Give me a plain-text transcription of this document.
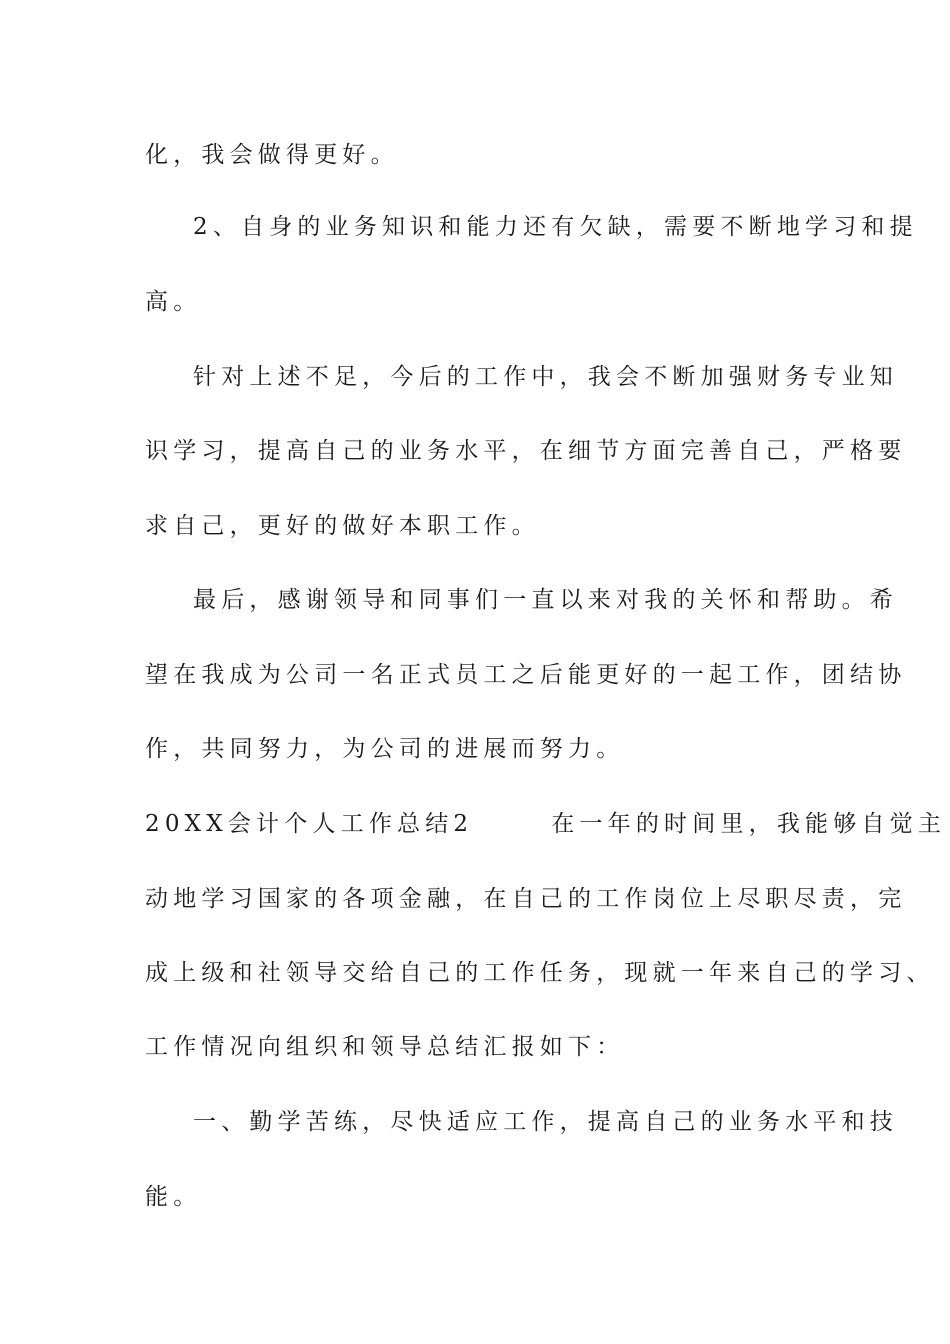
化，我会做得更好。
2、自身的业务知识和能力还有欠缺，需要不断地学习和提
高。
针对上述不足，今后的工作中，我会不断加强财务专业知
识学习，提高自己的业务水平，在细节方面完善自己，严格要
求自己，更好的做好本职工作。
最后，感谢领导和同事们一直以来对我的关怀和帮助。希
望在我成为公司一名正式员工之后能更好的一起工作，团结协
作，共同努力，为公司的进展而努力。
20XX会计个人工作总结2	在一年的时间里，我能够自觉主
动地学习国家的各项金融，在自己的工作岗位上尽职尽责，完
成上级和社领导交给自己的工作任务，现就一年来自己的学习、
工作情况向组织和领导总结汇报如下：
一、勤学苦练，尽快适应工作，提高自己的业务水平和技
能。
